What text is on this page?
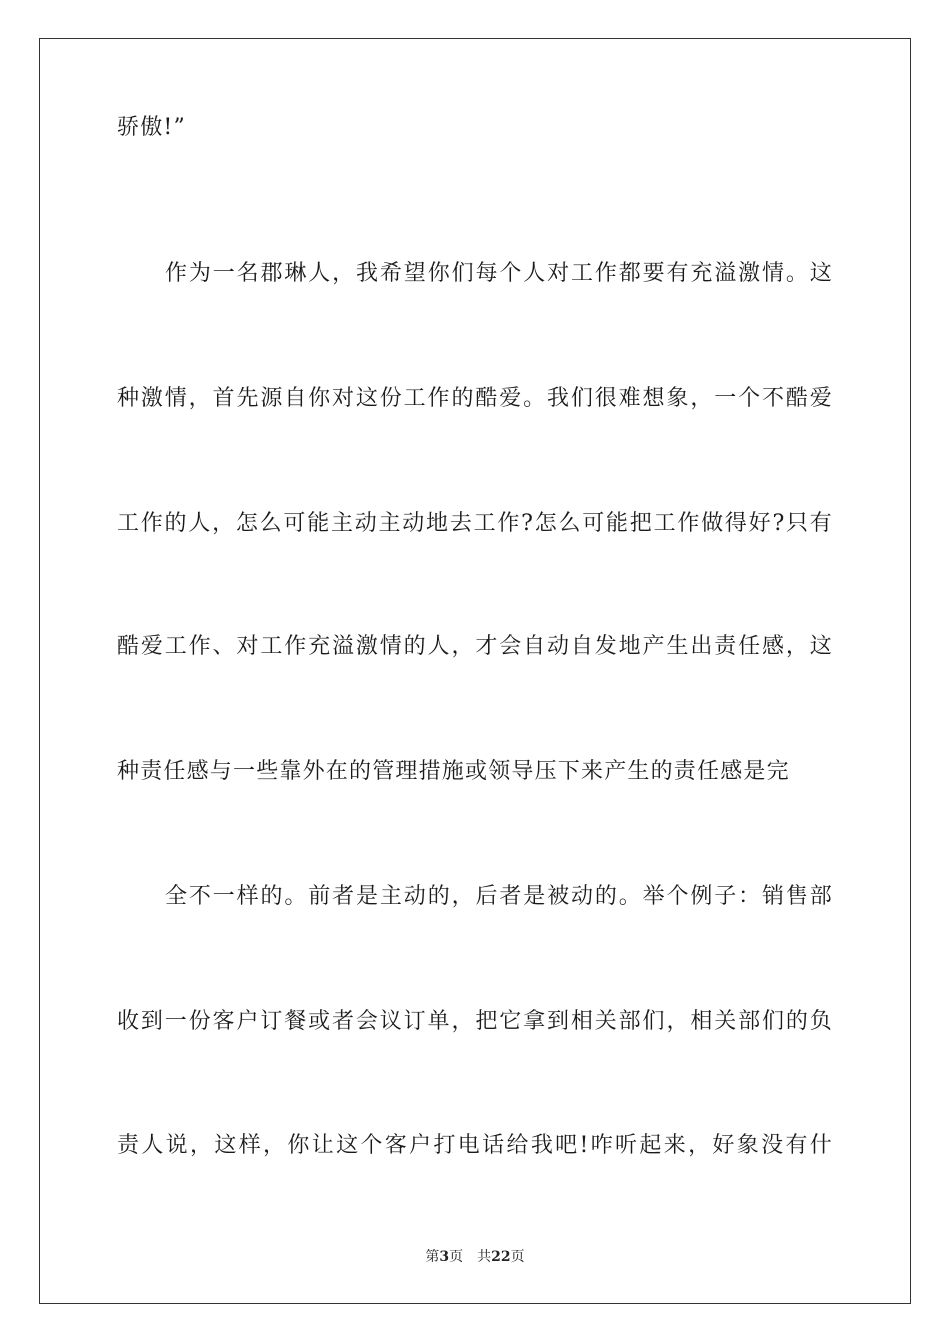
骄傲!”
作为一名郡琳人，我希望你们每个人对工作都要有充溢激情。这
种激情，首先源自你对这份工作的酷爱。我们很难想象，一个不酷爱
工作的人，怎么可能主动主动地去工作?怎么可能把工作做得好?只有
酷爱工作、对工作充溢激情的人，才会自动自发地产生出责任感，这
种责任感与一些靠外在的管理措施或领导压下来产生的责任感是完
全不一样的。前者是主动的，后者是被动的。举个例子：销售部
收到一份客户订餐或者会议订单，把它拿到相关部们，相关部们的负
责人说，这样，你让这个客户打电话给我吧!咋听起来，好象没有什
第3页 共22页
